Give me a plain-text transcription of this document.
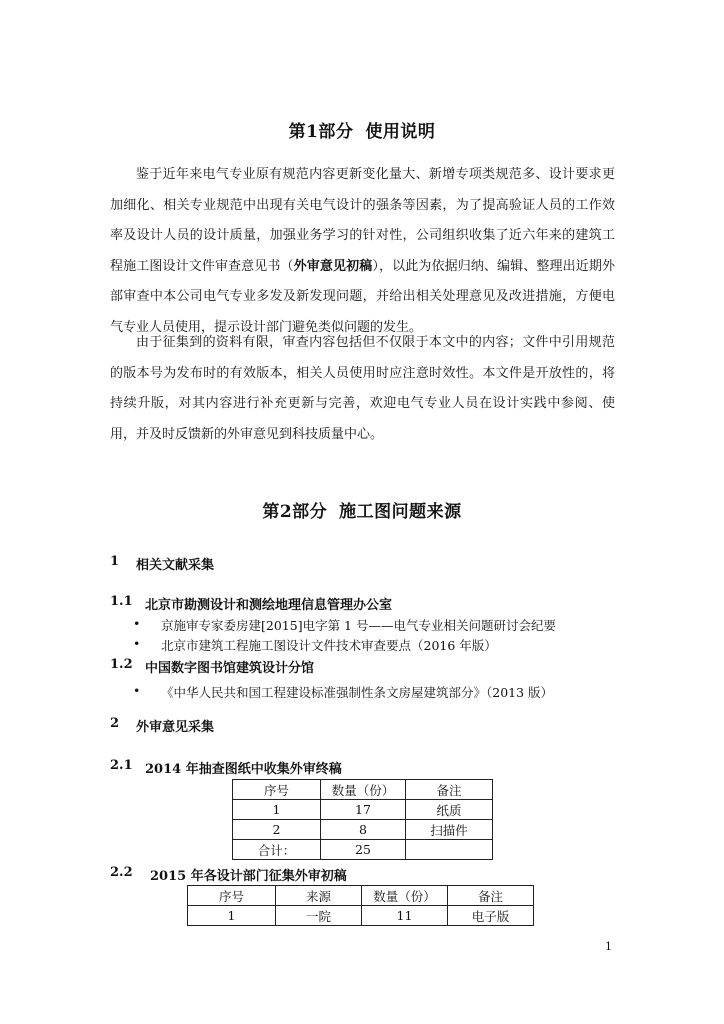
第1部分 使用说明
鉴于近年来电气专业原有规范内容更新变化量大、新增专项类规范多、设计要求更加细化、相关专业规范中出现有关电气设计的强条等因素，为了提高验证人员的工作效率及设计人员的设计质量，加强业务学习的针对性，公司组织收集了近六年来的建筑工程施工图设计文件审查意见书（外审意见初稿），以此为依据归纳、编辑、整理出近期外部审查中本公司电气专业多发及新发现问题，并给出相关处理意见及改进措施，方便电气专业人员使用，提示设计部门避免类似问题的发生。
由于征集到的资料有限，审查内容包括但不仅限于本文中的内容；文件中引用规范的版本号为发布时的有效版本，相关人员使用时应注意时效性。本文件是开放性的，将持续升版，对其内容进行补充更新与完善，欢迎电气专业人员在设计实践中参阅、使用，并及时反馈新的外审意见到科技质量中心。
第2部分 施工图问题来源
1 相关文献采集
1.1 北京市勘测设计和测绘地理信息管理办公室
• 京施审专家委房建[2015]电字第 1 号——电气专业相关问题研讨会纪要
• 北京市建筑工程施工图设计文件技术审查要点（2016 年版）
1.2 中国数字图书馆建筑设计分馆
• 《中华人民共和国工程建设标准强制性条文房屋建筑部分》（2013 版）
2 外审意见采集
2.1 2014 年抽查图纸中收集外审终稿
序号	数量（份）	备注
1	17	纸质
2	8	扫描件
合计：	25	
2.2 2015 年各设计部门征集外审初稿
序号	来源	数量（份）	备注
1	一院	11	电子版
1
